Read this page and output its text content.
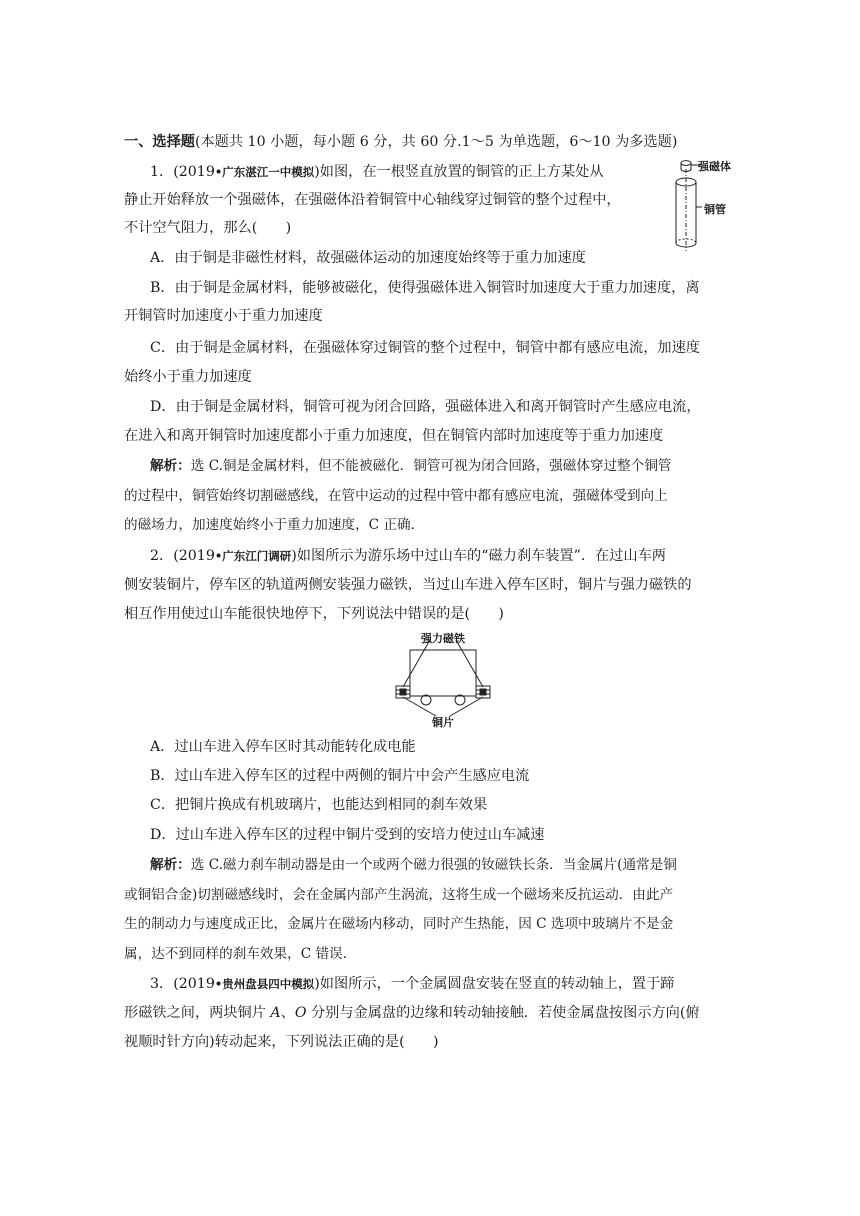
一、选择题(本题共 10 小题，每小题 6 分，共 60 分.1～5 为单选题，6～10 为多选题)
1．(2019•广东湛江一中模拟)如图，在一根竖直放置的铜管的正上方某处从
静止开始释放一个强磁体，在强磁体沿着铜管中心轴线穿过铜管的整个过程中，
不计空气阻力，那么(　　)
强磁体
铜管
A．由于铜是非磁性材料，故强磁体运动的加速度始终等于重力加速度
B．由于铜是金属材料，能够被磁化，使得强磁体进入铜管时加速度大于重力加速度，离
开铜管时加速度小于重力加速度
C．由于铜是金属材料，在强磁体穿过铜管的整个过程中，铜管中都有感应电流，加速度
始终小于重力加速度
D．由于铜是金属材料，铜管可视为闭合回路，强磁体进入和离开铜管时产生感应电流，
在进入和离开铜管时加速度都小于重力加速度，但在铜管内部时加速度等于重力加速度
解析：选 C.铜是金属材料，但不能被磁化．铜管可视为闭合回路，强磁体穿过整个铜管
的过程中，铜管始终切割磁感线，在管中运动的过程中管中都有感应电流，强磁体受到向上
的磁场力，加速度始终小于重力加速度，C 正确．
2．(2019•广东江门调研)如图所示为游乐场中过山车的“磁力刹车装置”．在过山车两
侧安装铜片，停车区的轨道两侧安装强力磁铁，当过山车进入停车区时，铜片与强力磁铁的
相互作用使过山车能很快地停下，下列说法中错误的是(　　)
强力磁铁
铜片
A．过山车进入停车区时其动能转化成电能
B．过山车进入停车区的过程中两侧的铜片中会产生感应电流
C．把铜片换成有机玻璃片，也能达到相同的刹车效果
D．过山车进入停车区的过程中铜片受到的安培力使过山车减速
解析：选 C.磁力刹车制动器是由一个或两个磁力很强的钕磁铁长条．当金属片(通常是铜
或铜铝合金)切割磁感线时，会在金属内部产生涡流，这将生成一个磁场来反抗运动．由此产
生的制动力与速度成正比，金属片在磁场内移动，同时产生热能，因 C 选项中玻璃片不是金
属，达不到同样的刹车效果，C 错误．
3．(2019•贵州盘县四中模拟)如图所示，一个金属圆盘安装在竖直的转动轴上，置于蹄
形磁铁之间，两块铜片 A、O 分别与金属盘的边缘和转动轴接触．若使金属盘按图示方向(俯
视顺时针方向)转动起来，下列说法正确的是(　　)
